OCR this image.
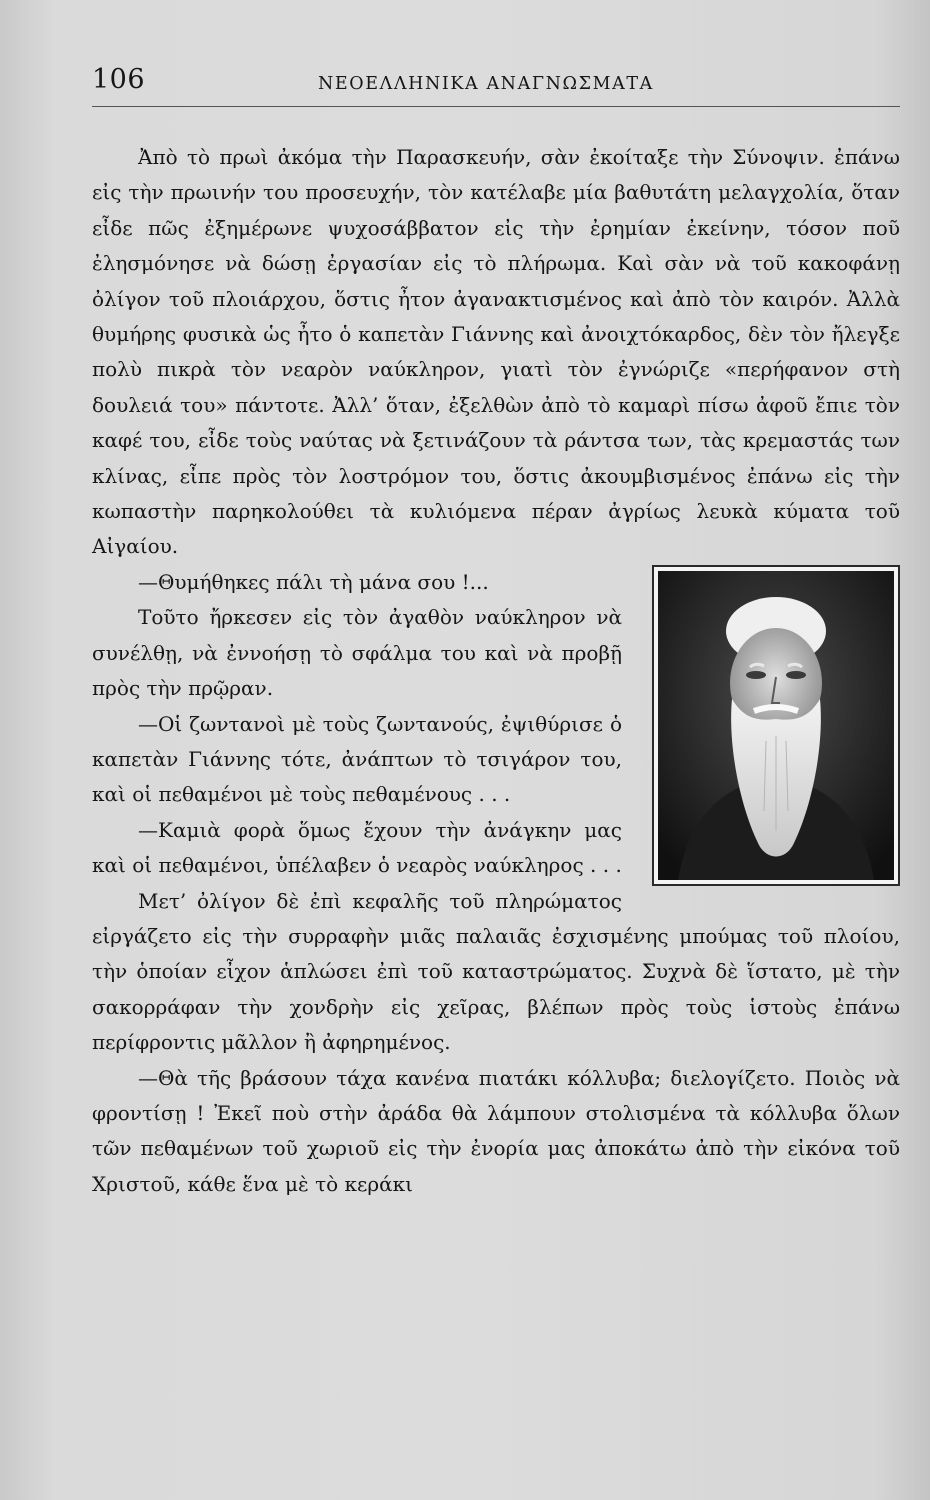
106	ΝΕΟΕΛΛΗΝΙΚΑ ΑΝΑΓΝΩΣΜΑΤΑ

Ἀπὸ τὸ πρωὶ ἀκόμα τὴν Παρασκευήν, σὰν ἐκοίταξε τὴν Σύνοψιν. ἐπάνω εἰς τὴν πρωινήν του προσευχήν, τὸν κατέλαβε μία βαθυτάτη μελαγχολία, ὅταν εἶδε πῶς ἐξημέρωνε ψυχοσάββατον εἰς τὴν ἐρημίαν ἐκείνην, τόσον ποῦ ἐλησμόνησε νὰ δώσῃ ἐργασίαν εἰς τὸ πλήρωμα. Καὶ σὰν νὰ τοῦ κακοφάνῃ ὀλίγον τοῦ πλοιάρχου, ὅστις ἦτον ἀγανακτισμένος καὶ ἀπὸ τὸν καιρόν. Ἀλλὰ θυμήρης φυσικὰ ὡς ἦτο ὁ καπετὰν Γιάννης καὶ ἀνοιχτόκαρδος, δὲν τὸν ἤλεγξε πολὺ πικρὰ τὸν νεαρὸν ναύκληρον, γιατὶ τὸν ἐγνώριζε «περήφανον στὴ δουλειά του» πάντοτε. Ἀλλ’ ὅταν, ἐξελθὼν ἀπὸ τὸ καμαρὶ πίσω ἀφοῦ ἔπιε τὸν καφέ του, εἶδε τοὺς ναύτας νὰ ξετινάζουν τὰ ράντσα των, τὰς κρεμαστάς των κλίνας, εἶπε πρὸς τὸν λοστρόμον του, ὅστις ἀκουμβισμένος ἐπάνω εἰς τὴν κωπαστὴν παρηκολούθει τὰ κυλιόμενα πέραν ἀγρίως λευκὰ κύματα τοῦ Αἰγαίου.

—Θυμήθηκες πάλι τὴ μάνα σου !...

Τοῦτο ἤρκεσεν εἰς τὸν ἀγαθὸν ναύκληρον νὰ συνέλθῃ, νὰ ἐννοήσῃ τὸ σφάλμα του καὶ νὰ προβῇ πρὸς τὴν πρῷραν.

—Οἱ ζωντανοὶ μὲ τοὺς ζωντανούς, ἐψιθύρισε ὁ καπετὰν Γιάννης τότε, ἀνάπτων τὸ τσιγάρον του, καὶ οἱ πεθαμένοι μὲ τοὺς πεθαμένους . . .

—Καμιὰ φορὰ ὅμως ἔχουν τὴν ἀνάγκην μας καὶ οἱ πεθαμένοι, ὑπέλαβεν ὁ νεαρὸς ναύκληρος . . .

Μετ’ ὀλίγον δὲ ἐπὶ κεφαλῆς τοῦ πληρώματος εἰργάζετο εἰς τὴν συρραφὴν μιᾶς παλαιᾶς ἐσχισμένης μπούμας τοῦ πλοίου, τὴν ὁποίαν εἶχον ἁπλώσει ἐπὶ τοῦ καταστρώματος. Συχνὰ δὲ ἵστατο, μὲ τὴν σακορράφαν τὴν χονδρὴν εἰς χεῖρας, βλέπων πρὸς τοὺς ἱστοὺς ἐπάνω περίφροντις μᾶλλον ἢ ἀφηρημένος.

—Θὰ τῆς βράσουν τάχα κανένα πιατάκι κόλλυβα; διελογίζετο. Ποιὸς νὰ φροντίσῃ ! Ἐκεῖ ποὺ στὴν ἀράδα θὰ λάμπουν στολισμένα τὰ κόλλυβα ὅλων τῶν πεθαμένων τοῦ χωριοῦ εἰς τὴν ἐνορία μας ἀποκάτω ἀπὸ τὴν εἰκόνα τοῦ Χριστοῦ, κάθε ἕνα μὲ τὸ κεράκι
